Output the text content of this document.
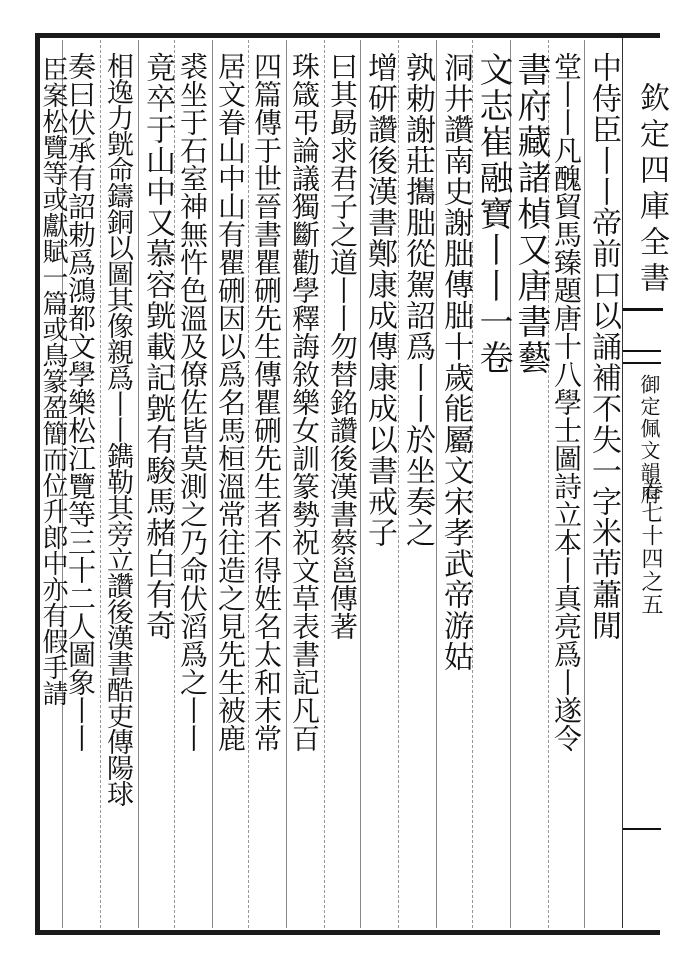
欽定四庫全書
御定佩文韻府
卷七十四之五
中侍臣丨丨帝前口以誦補不失一字米芾蕭閒
堂丨丨凡醜貿馬臻題唐十八學士圖詩立本丨真亮爲丨遂令
書府藏諸楨又唐書藝
文志崔融寶丨丨一卷
洞井讚南史謝朏傳朏十歲能屬文宋孝武帝游姑
孰勅謝莊攜朏從駕詔爲丨丨於坐奏之
增研讚後漢書鄭康成傳康成以書戒子
曰其勗求君子之道丨丨勿替銘讚後漢書蔡邕傳著
珠箴弔論議獨斷勸學釋誨敘樂女訓篆勢祝文草表書記凡百
四篇傳于世晉書瞿硎先生傳瞿硎先生者不得姓名太和末常
居文眷山中山有瞿硎因以爲名馬桓溫常往造之見先生被鹿
裘坐于石室神無忤色溫及僚佐皆莫測之乃命伏滔爲之丨丨
竟卒于山中又慕容皝載記皝有駿馬赭白有奇
相逸力皝命鑄銅以圖其像親爲丨丨鐫勒其旁立讚後漢書酷吏傳陽球
奏曰伏承有詔勅爲鴻都文學樂松江覽等三十二人圖象丨丨
臣案松覽等或獻賦一篇或鳥篆盈簡而位升郎中亦有假手請
